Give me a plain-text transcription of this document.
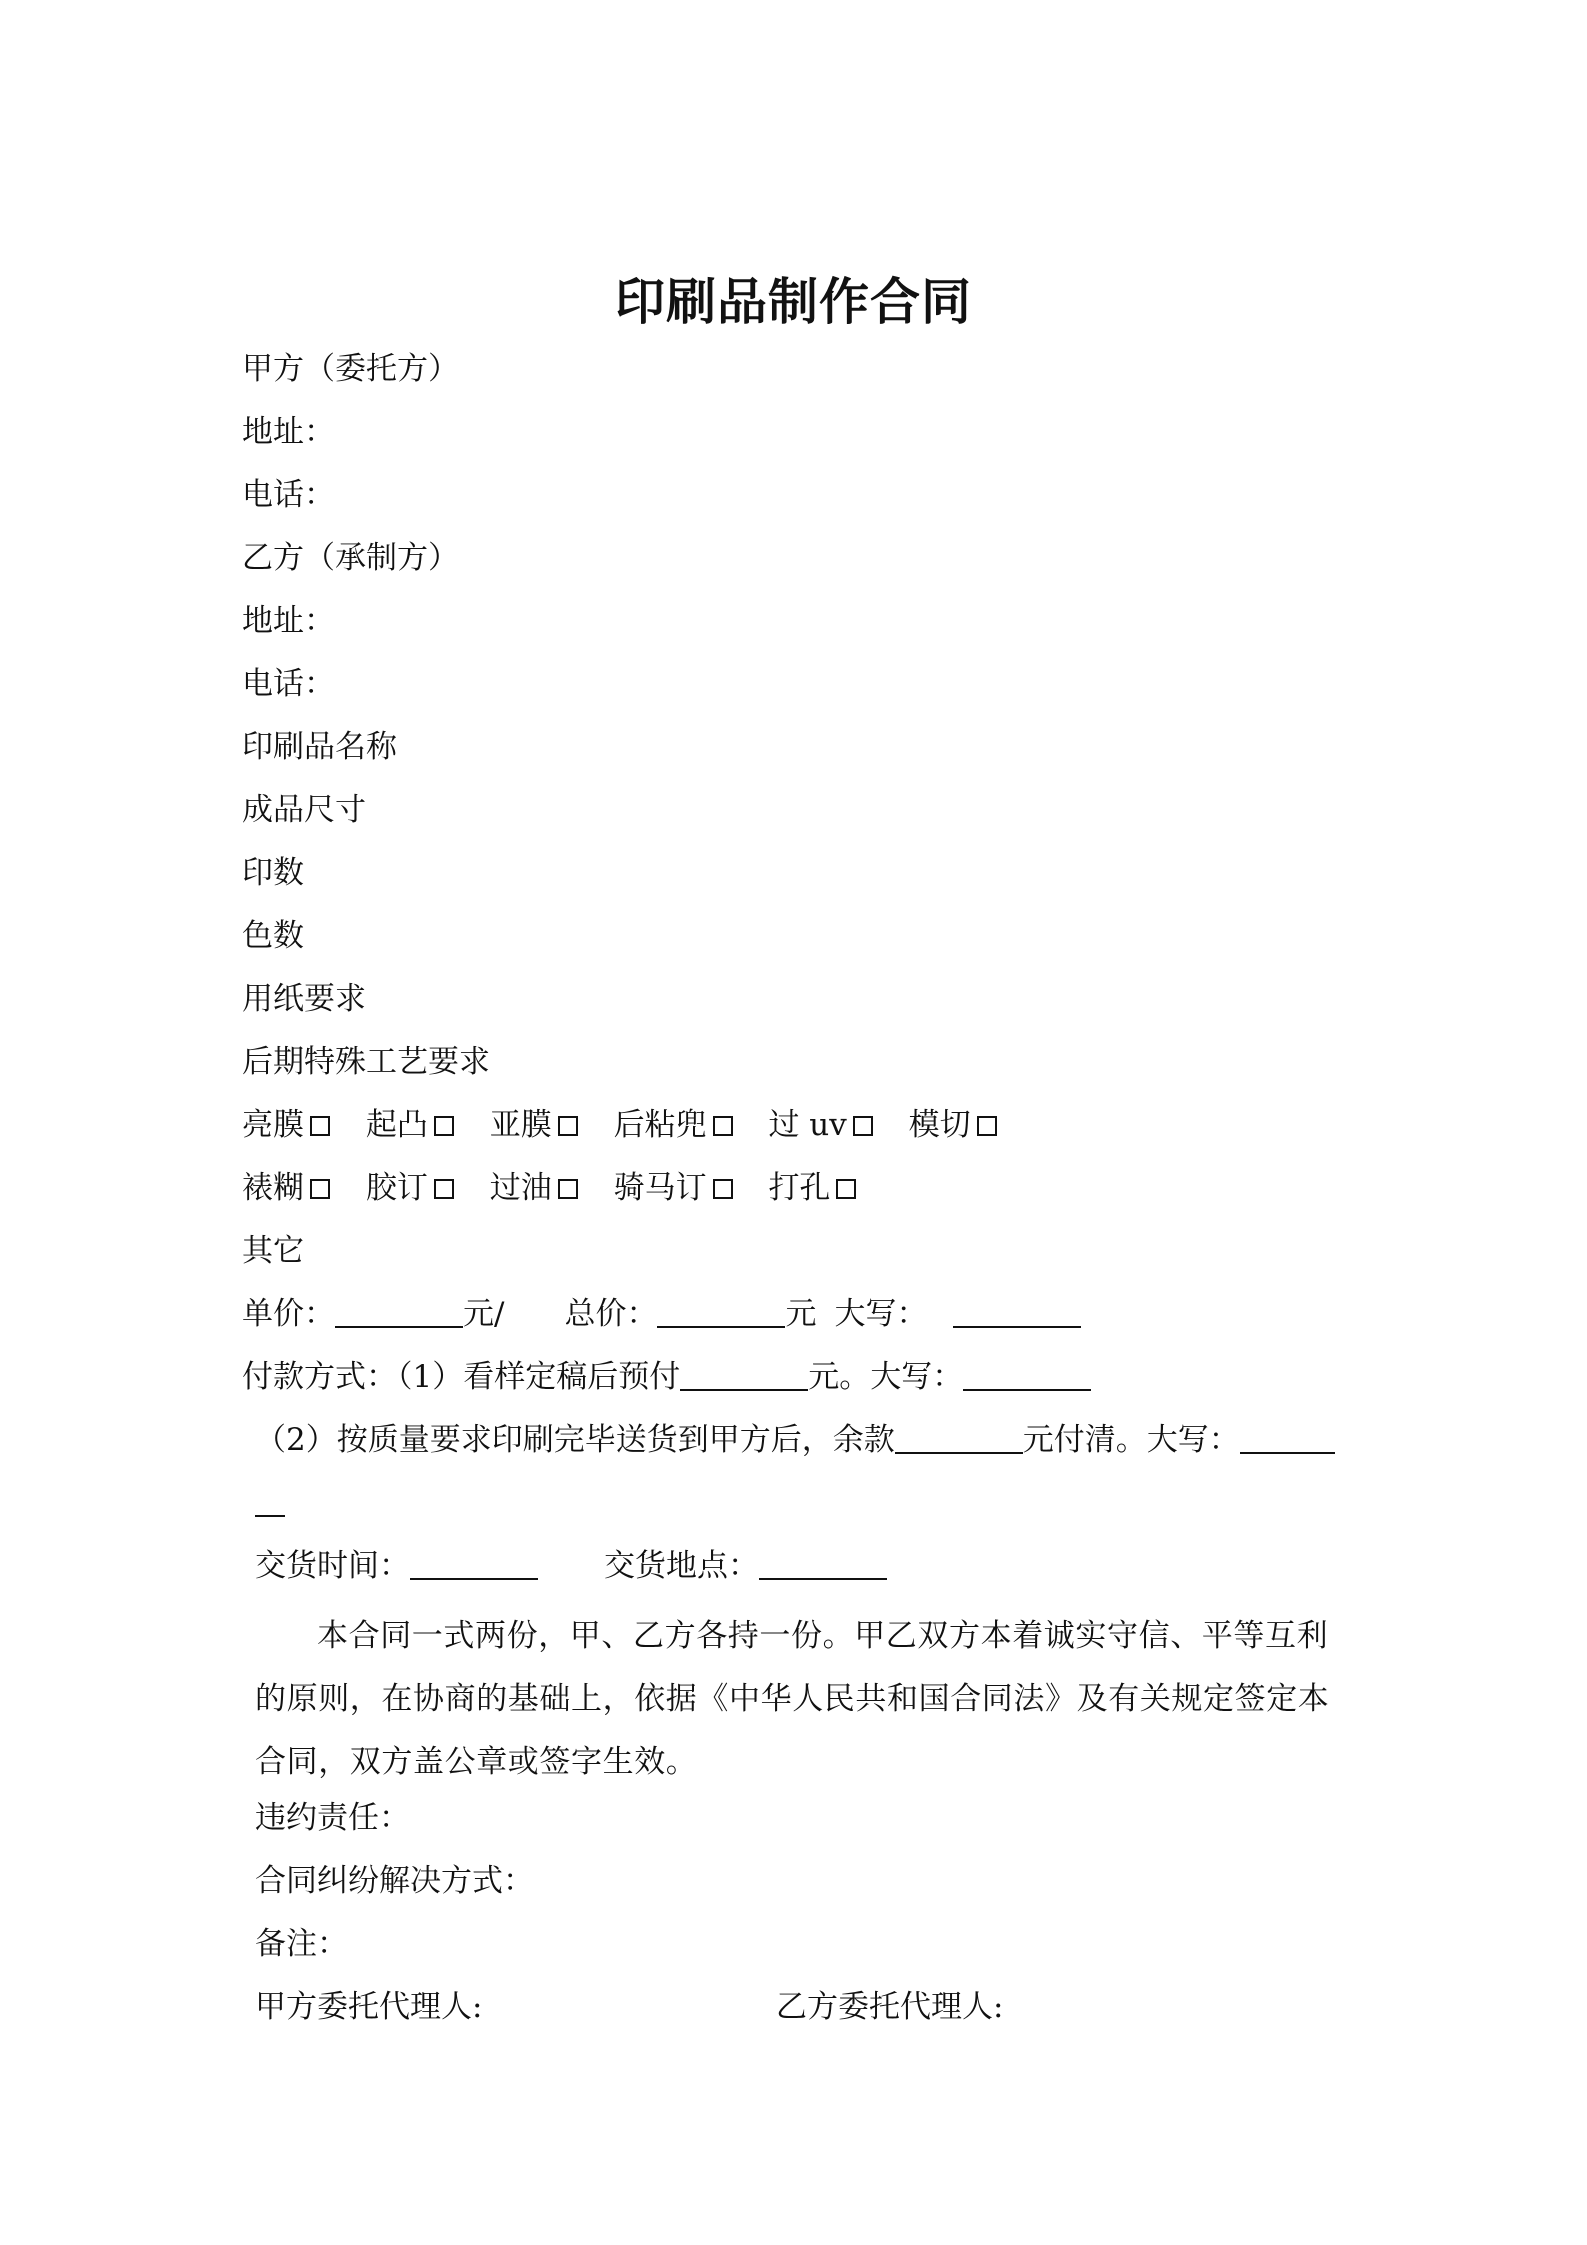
印刷品制作合同
甲方（委托方）
地址：
电话：
乙方（承制方）
地址：
电话：
印刷品名称
成品尺寸
印数
色数
用纸要求
后期特殊工艺要求
亮膜 起凸 亚膜 后粘兜 过 uv 模切
裱糊 胶订 过油 骑马订 打孔
其它
单价：	元/ 总价：	元 大写：
付款方式：（1）看样定稿后预付	元。大写：
（2）按质量要求印刷完毕送货到甲方后，余款	元付清。大写：
交货时间：	交货地点：
本合同一式两份，甲、乙方各持一份。甲乙双方本着诚实守信、平等互利的原则，在协商的基础上，依据《中华人民共和国合同法》及有关规定签定本合同，双方盖公章或签字生效。
违约责任：
合同纠纷解决方式：
备注：
甲方委托代理人:	乙方委托代理人:
